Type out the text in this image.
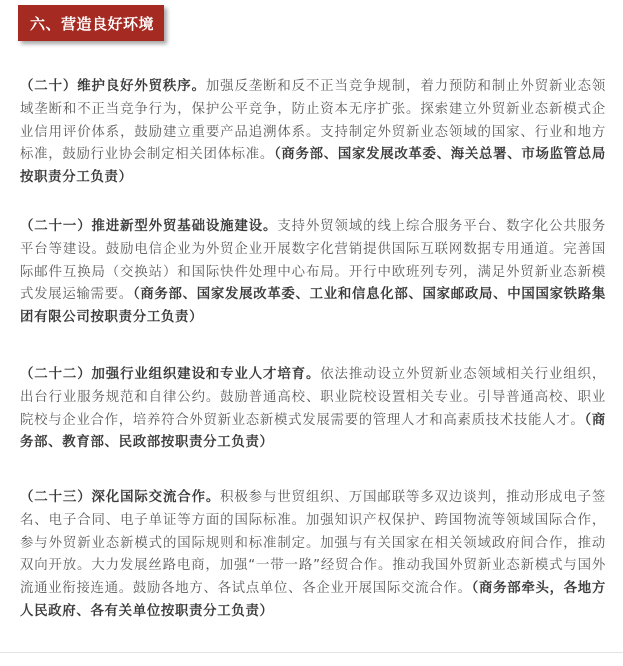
六、营造良好环境
（二十）维护良好外贸秩序。加强反垄断和反不正当竞争规制，着力预防和制止外贸新业态领域垄断和不正当竞争行为，保护公平竞争，防止资本无序扩张。探索建立外贸新业态新模式企业信用评价体系，鼓励建立重要产品追溯体系。支持制定外贸新业态领域的国家、行业和地方标准，鼓励行业协会制定相关团体标准。（商务部、国家发展改革委、海关总署、市场监管总局按职责分工负责）
（二十一）推进新型外贸基础设施建设。支持外贸领域的线上综合服务平台、数字化公共服务平台等建设。鼓励电信企业为外贸企业开展数字化营销提供国际互联网数据专用通道。完善国际邮件互换局（交换站）和国际快件处理中心布局。开行中欧班列专列，满足外贸新业态新模式发展运输需要。（商务部、国家发展改革委、工业和信息化部、国家邮政局、中国国家铁路集团有限公司按职责分工负责）
（二十二）加强行业组织建设和专业人才培育。依法推动设立外贸新业态领域相关行业组织，出台行业服务规范和自律公约。鼓励普通高校、职业院校设置相关专业。引导普通高校、职业院校与企业合作，培养符合外贸新业态新模式发展需要的管理人才和高素质技术技能人才。（商务部、教育部、民政部按职责分工负责）
（二十三）深化国际交流合作。积极参与世贸组织、万国邮联等多双边谈判，推动形成电子签名、电子合同、电子单证等方面的国际标准。加强知识产权保护、跨国物流等领域国际合作，参与外贸新业态新模式的国际规则和标准制定。加强与有关国家在相关领域政府间合作，推动双向开放。大力发展丝路电商，加强“一带一路”经贸合作。推动我国外贸新业态新模式与国外流通业衔接连通。鼓励各地方、各试点单位、各企业开展国际交流合作。（商务部牵头，各地方人民政府、各有关单位按职责分工负责）
